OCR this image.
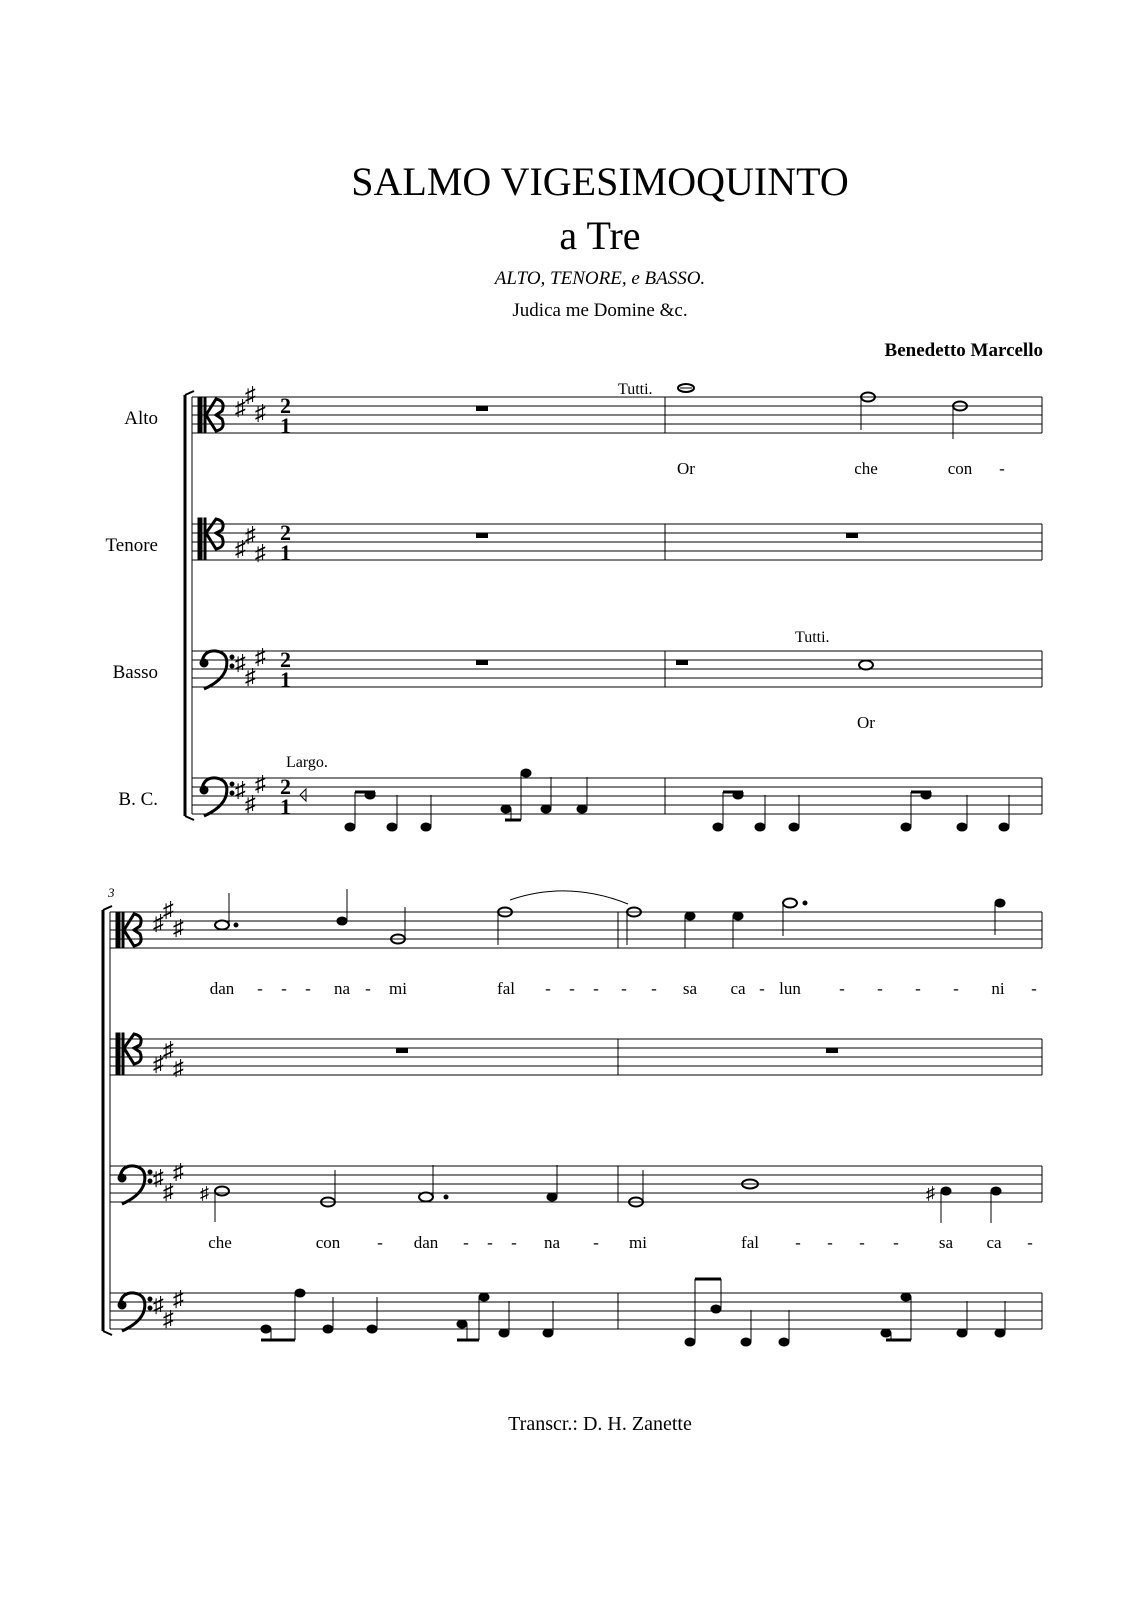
SALMO VIGESIMOQUINTO
a Tre
ALTO, TENORE, e BASSO.
Judica me Domine &c.
Benedetto Marcello
♯
♯
♯
♯
♯
♯
♯
♯
♯
♯
♯
♯
♯
♯
♯
♯
♯
♯
♯
♯
♯
♯
♯
♯
2
1
2
1
2
1
2
1
Alto
Tenore
Basso
B. C.
Tutti.
Tutti.
Largo.
3
♯	♯
Or	che	con -
Or
dan - - - na - mi	fal - - - - - sa ca - lun - - - - ni -
che	con - dan - - - na - mi	fal - - - - sa ca -
Transcr.: D. H. Zanette
